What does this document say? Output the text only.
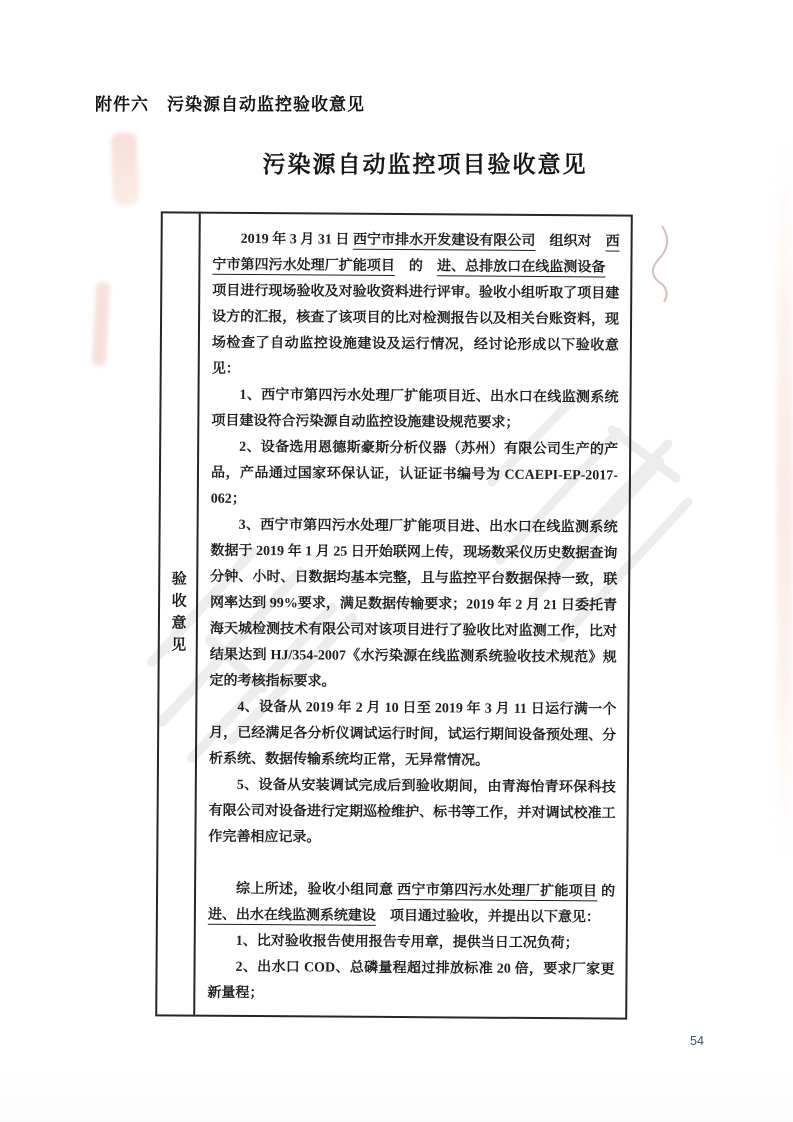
附件六　污染源自动监控验收意见
污染源自动监控项目验收意见
验收意见
2019 年 3 月 31 日 西宁市排水开发建设有限公司　组织对　西宁市第四污水处理厂扩能项目　的　进、总排放口在线监测设备　项目进行现场验收及对验收资料进行评审。验收小组听取了项目建设方的汇报，核查了该项目的比对检测报告以及相关台账资料，现场检查了自动监控设施建设及运行情况，经讨论形成以下验收意见：
1、西宁市第四污水处理厂扩能项目近、出水口在线监测系统项目建设符合污染源自动监控设施建设规范要求；
2、设备选用恩德斯豪斯分析仪器（苏州）有限公司生产的产品，产品通过国家环保认证，认证证书编号为 CCAEPI-EP-2017-062；
3、西宁市第四污水处理厂扩能项目进、出水口在线监测系统数据于 2019 年 1 月 25 日开始联网上传，现场数采仪历史数据查询分钟、小时、日数据均基本完整，且与监控平台数据保持一致，联网率达到 99%要求，满足数据传输要求；2019 年 2 月 21 日委托青海天城检测技术有限公司对该项目进行了验收比对监测工作，比对结果达到 HJ/354-2007《水污染源在线监测系统验收技术规范》规定的考核指标要求。
4、设备从 2019 年 2 月 10 日至 2019 年 3 月 11 日运行满一个月，已经满足各分析仪调试运行时间，试运行期间设备预处理、分析系统、数据传输系统均正常，无异常情况。
5、设备从安装调试完成后到验收期间，由青海怡青环保科技有限公司对设备进行定期巡检维护、标书等工作，并对调试校准工作完善相应记录。
综上所述，验收小组同意 西宁市第四污水处理厂扩能项目 的 进、出水在线监测系统建设　项目通过验收，并提出以下意见：
1、比对验收报告使用报告专用章，提供当日工况负荷；
2、出水口 COD、总磷量程超过排放标准 20 倍，要求厂家更新量程；
54
